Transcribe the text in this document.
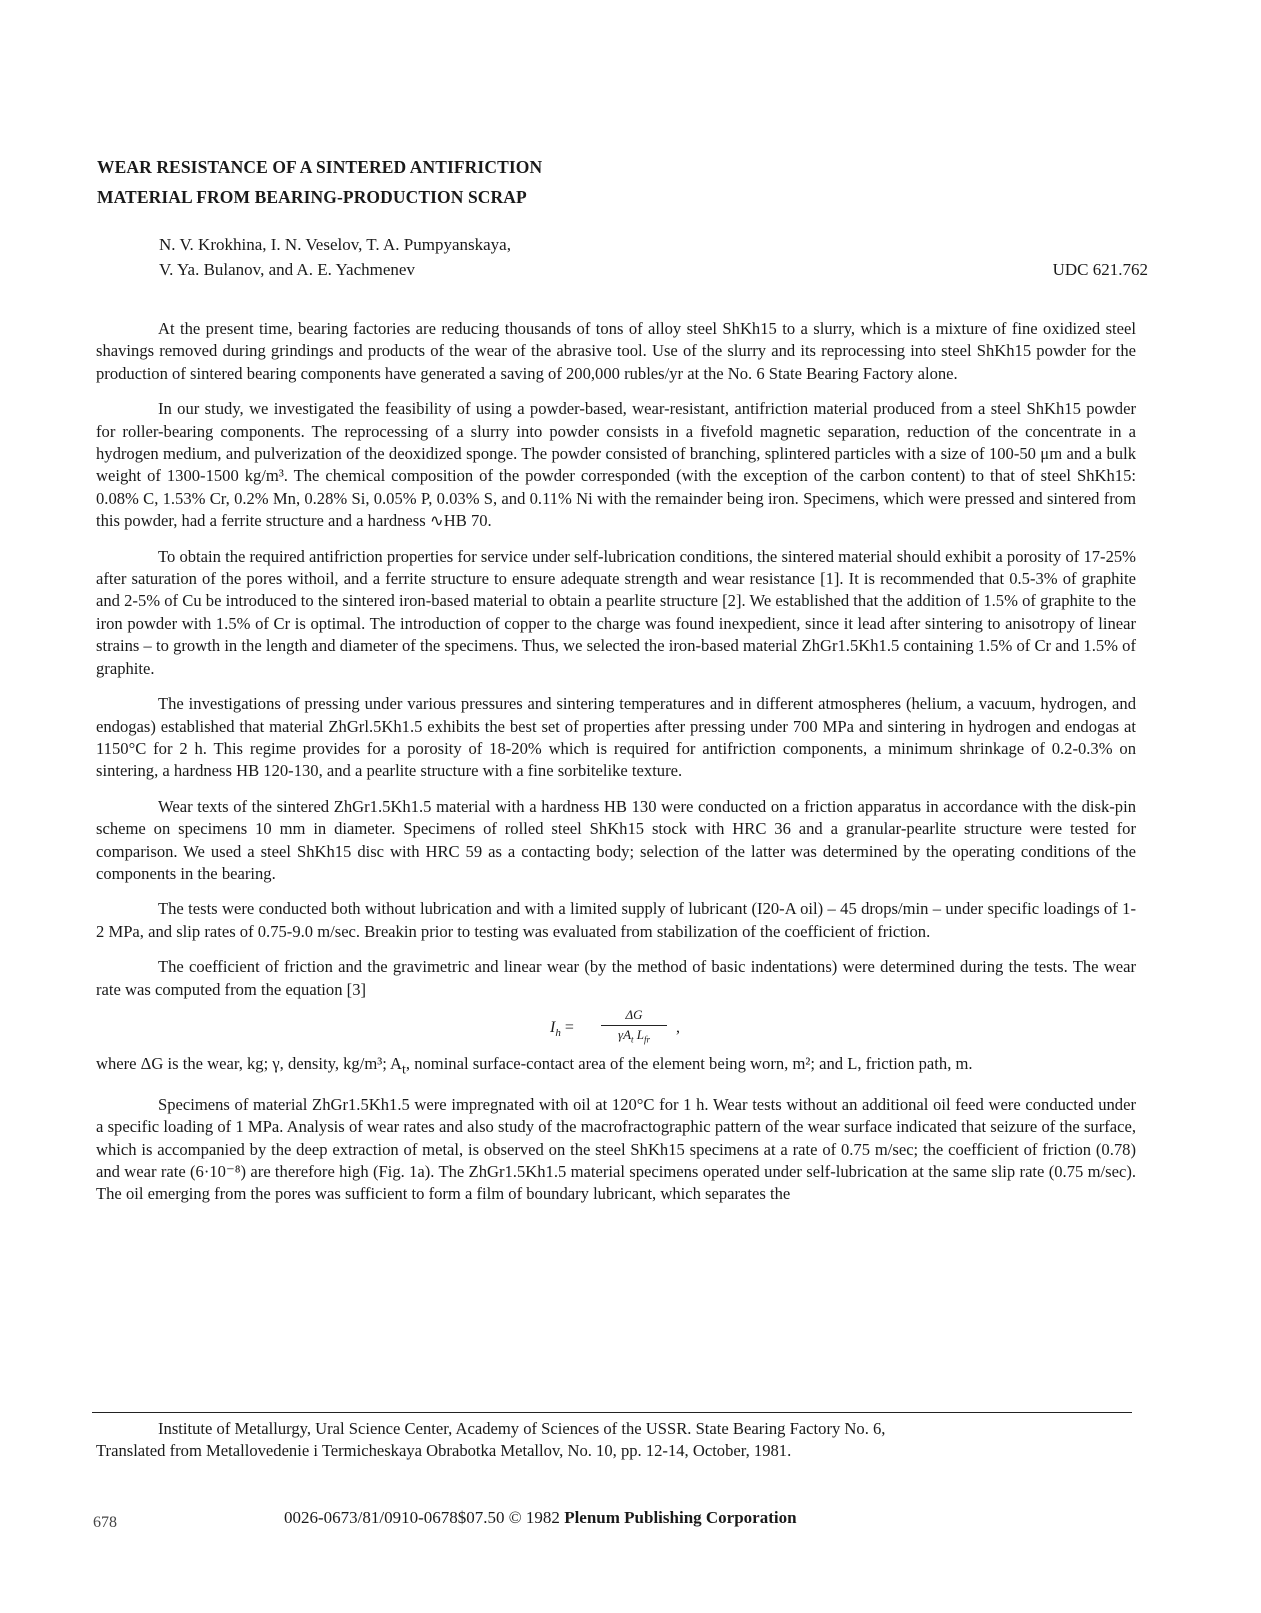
WEAR RESISTANCE OF A SINTERED ANTIFRICTION
MATERIAL FROM BEARING-PRODUCTION SCRAP
N. V. Krokhina, I. N. Veselov, T. A. Pumpyanskaya,
V. Ya. Bulanov, and A. E. Yachmenev	UDC 621.762

At the present time, bearing factories are reducing thousands of tons of alloy steel ShKh15 to a slurry, which is a mixture of fine oxidized steel shavings removed during grindings and products of the wear of the abrasive tool. Use of the slurry and its reprocessing into steel ShKh15 powder for the production of sintered bearing components have generated a saving of 200,000 rubles/yr at the No. 6 State Bearing Factory alone.

In our study, we investigated the feasibility of using a powder-based, wear-resistant, antifriction material produced from a steel ShKh15 powder for roller-bearing components. The reprocessing of a slurry into powder consists in a fivefold magnetic separation, reduction of the concentrate in a hydrogen medium, and pulverization of the deoxidized sponge. The powder consisted of branching, splintered particles with a size of 100-50 μm and a bulk weight of 1300-1500 kg/m³. The chemical composition of the powder corresponded (with the exception of the carbon content) to that of steel ShKh15: 0.08% C, 1.53% Cr, 0.2% Mn, 0.28% Si, 0.05% P, 0.03% S, and 0.11% Ni with the remainder being iron. Specimens, which were pressed and sintered from this powder, had a ferrite structure and a hardness ∿HB 70.

To obtain the required antifriction properties for service under self-lubrication conditions, the sintered material should exhibit a porosity of 17-25% after saturation of the pores withoil, and a ferrite structure to ensure adequate strength and wear resistance [1]. It is recommended that 0.5-3% of graphite and 2-5% of Cu be introduced to the sintered iron-based material to obtain a pearlite structure [2]. We established that the addition of 1.5% of graphite to the iron powder with 1.5% of Cr is optimal. The introduction of copper to the charge was found inexpedient, since it lead after sintering to anisotropy of linear strains – to growth in the length and diameter of the specimens. Thus, we selected the iron-based material ZhGr1.5Kh1.5 containing 1.5% of Cr and 1.5% of graphite.

The investigations of pressing under various pressures and sintering temperatures and in different atmospheres (helium, a vacuum, hydrogen, and endogas) established that material ZhGrl.5Kh1.5 exhibits the best set of properties after pressing under 700 MPa and sintering in hydrogen and endogas at 1150°C for 2 h. This regime provides for a porosity of 18-20% which is required for antifriction components, a minimum shrinkage of 0.2-0.3% on sintering, a hardness HB 120-130, and a pearlite structure with a fine sorbitelike texture.

Wear texts of the sintered ZhGr1.5Kh1.5 material with a hardness HB 130 were conducted on a friction apparatus in accordance with the disk-pin scheme on specimens 10 mm in diameter. Specimens of rolled steel ShKh15 stock with HRC 36 and a granular-pearlite structure were tested for comparison. We used a steel ShKh15 disc with HRC 59 as a contacting body; selection of the latter was determined by the operating conditions of the components in the bearing.

The tests were conducted both without lubrication and with a limited supply of lubricant (I20-A oil) – 45 drops/min – under specific loadings of 1-2 MPa, and slip rates of 0.75-9.0 m/sec. Breakin prior to testing was evaluated from stabilization of the coefficient of friction.

The coefficient of friction and the gravimetric and linear wear (by the method of basic indentations) were determined during the tests. The wear rate was computed from the equation [3]

$I_h$ =
ΔG
$\gamma A_t$ $L_{fr}$
,

where ΔG is the wear, kg; γ, density, kg/m³; $A_t$, nominal surface-contact area of the element being worn, m²; and L, friction path, m.

Specimens of material ZhGr1.5Kh1.5 were impregnated with oil at 120°C for 1 h. Wear tests without an additional oil feed were conducted under a specific loading of 1 MPa. Analysis of wear rates and also study of the macrofractographic pattern of the wear surface indicated that seizure of the surface, which is accompanied by the deep extraction of metal, is observed on the steel ShKh15 specimens at a rate of 0.75 m/sec; the coefficient of friction (0.78) and wear rate (6·10⁻⁸) are therefore high (Fig. 1a). The ZhGr1.5Kh1.5 material specimens operated under self-lubrication at the same slip rate (0.75 m/sec). The oil emerging from the pores was sufficient to form a film of boundary lubricant, which separates the

Institute of Metallurgy, Ural Science Center, Academy of Sciences of the USSR. State Bearing Factory No. 6,
Translated from Metallovedenie i Termicheskaya Obrabotka Metallov, No. 10, pp. 12-14, October, 1981.
678	0026-0673/81/0910-0678$07.50 © 1982 Plenum Publishing Corporation
